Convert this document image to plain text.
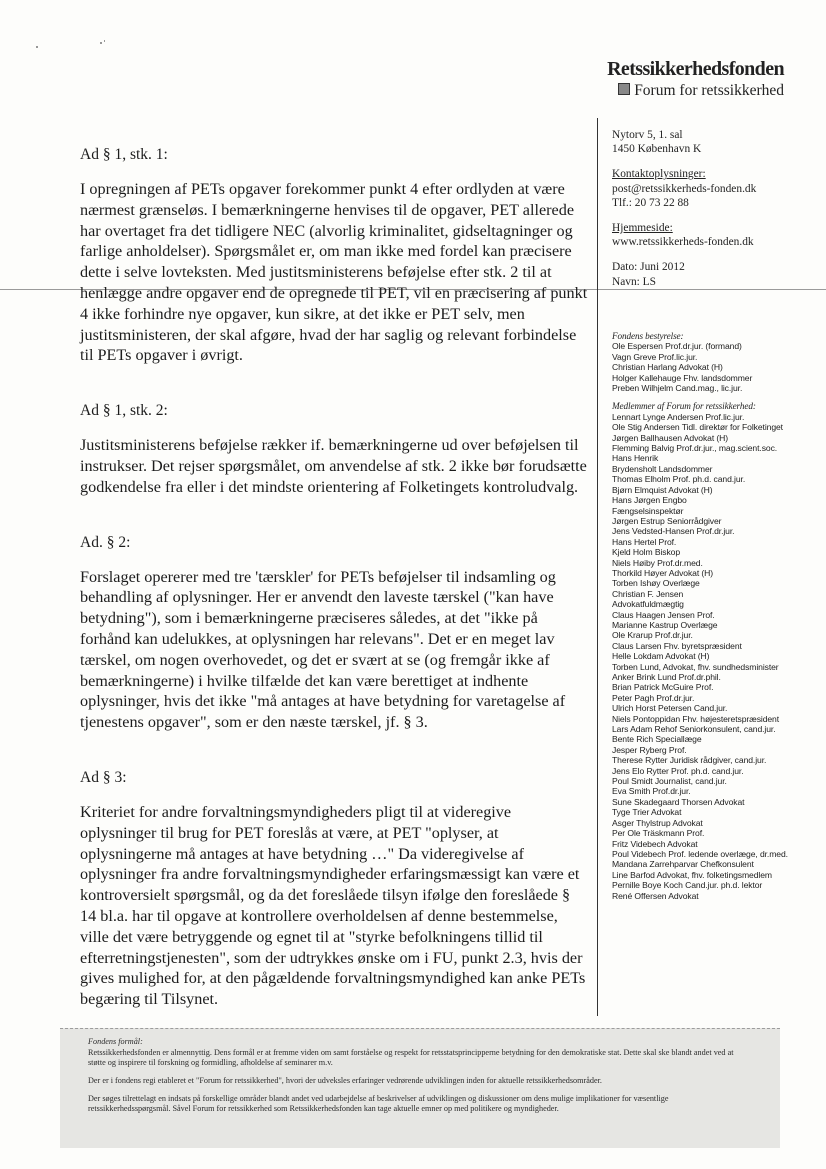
Retssikkerhedsfonden
Forum for retssikkerhed

Ad § 1, stk. 1:

I opregningen af PETs opgaver forekommer punkt 4 efter ordlyden at være nærmest grænseløs. I bemærkningerne henvises til de opgaver, PET allerede har overtaget fra det tidligere NEC (alvorlig kriminalitet, gidseltagninger og farlige anholdelser). Spørgsmålet er, om man ikke med fordel kan præcisere dette i selve lovteksten. Med justitsministerens beføjelse efter stk. 2 til at henlægge andre opgaver end de opregnede til PET, vil en præcisering af punkt 4 ikke forhindre nye opgaver, kun sikre, at det ikke er PET selv, men justitsministeren, der skal afgøre, hvad der har saglig og relevant forbindelse til PETs opgaver i øvrigt.

Ad § 1, stk. 2:

Justitsministerens beføjelse rækker if. bemærkningerne ud over beføjelsen til instrukser. Det rejser spørgsmålet, om anvendelse af stk. 2 ikke bør forudsætte godkendelse fra eller i det mindste orientering af Folketingets kontroludvalg.

Ad. § 2:

Forslaget opererer med tre 'tærskler' for PETs beføjelser til indsamling og behandling af oplysninger. Her er anvendt den laveste tærskel ("kan have betydning"), som i bemærkningerne præciseres således, at det "ikke på forhånd kan udelukkes, at oplysningen har relevans". Det er en meget lav tærskel, om nogen overhovedet, og det er svært at se (og fremgår ikke af bemærkningerne) i hvilke tilfælde det kan være berettiget at indhente oplysninger, hvis det ikke "må antages at have betydning for varetagelse af tjenestens opgaver", som er den næste tærskel, jf. § 3.

Ad § 3:

Kriteriet for andre forvaltningsmyndigheders pligt til at videregive oplysninger til brug for PET foreslås at være, at PET "oplyser, at oplysningerne må antages at have betydning …" Da videregivelse af oplysninger fra andre forvaltningsmyndigheder erfaringsmæssigt kan være et kontroversielt spørgsmål, og da det foreslåede tilsyn ifølge den foreslåede § 14 bl.a. har til opgave at kontrollere overholdelsen af denne bestemmelse, ville det være betryggende og egnet til at "styrke befolkningens tillid til efterretningstjenesten", som der udtrykkes ønske om i FU, punkt 2.3, hvis der gives mulighed for, at den pågældende forvaltningsmyndighed kan anke PETs begæring til Tilsynet.

Nytorv 5, 1. sal
1450 København K
Kontaktoplysninger:
post@retssikkerheds-fonden.dk
Tlf.: 20 73 22 88
Hjemmeside:
www.retssikkerheds-fonden.dk
Dato: Juni 2012
Navn: LS
Fondens bestyrelse:
Ole Espersen Prof.dr.jur. (formand)
Vagn Greve Prof.lic.jur.
Christian Harlang Advokat (H)
Holger Kallehauge Fhv. landsdommer
Preben Wilhjelm Cand.mag., lic.jur.
Medlemmer af Forum for retssikkerhed:
Lennart Lynge Andersen Prof.lic.jur.
Ole Stig Andersen Tidl. direktør for Folketinget
Jørgen Ballhausen Advokat (H)
Flemming Balvig Prof.dr.jur., mag.scient.soc.
Hans Henrik
Brydensholt Landsdommer
Thomas Elholm Prof. ph.d. cand.jur.
Bjørn Elmquist Advokat (H)
Hans Jørgen Engbo
Fængselsinspektør
Jørgen Estrup Seniorrådgiver
Jens Vedsted-Hansen Prof.dr.jur.
Hans Hertel Prof.
Kjeld Holm Biskop
Niels Høiby Prof.dr.med.
Thorkild Høyer Advokat (H)
Torben Ishøy Overlæge
Christian F. Jensen
Advokatfuldmægtig
Claus Haagen Jensen Prof.
Marianne Kastrup Overlæge
Ole Krarup Prof.dr.jur.
Claus Larsen Fhv. byretspræsident
Helle Lokdam Advokat (H)
Torben Lund, Advokat, fhv. sundhedsminister
Anker Brink Lund Prof.dr.phil.
Brian Patrick McGuire Prof.
Peter Pagh Prof.dr.jur.
Ulrich Horst Petersen Cand.jur.
Niels Pontoppidan Fhv. højesteretspræsident
Lars Adam Rehof Seniorkonsulent, cand.jur.
Bente Rich Speciallæge
Jesper Ryberg Prof.
Therese Rytter Juridisk rådgiver, cand.jur.
Jens Elo Rytter Prof. ph.d. cand.jur.
Poul Smidt Journalist, cand.jur.
Eva Smith Prof.dr.jur.
Sune Skadegaard Thorsen Advokat
Tyge Trier Advokat
Asger Thylstrup Advokat
Per Ole Träskmann Prof.
Fritz Videbech Advokat
Poul Videbech Prof. ledende overlæge, dr.med.
Mandana Zarrehparvar Chefkonsulent
Line Barfod Advokat, fhv. folketingsmedlem
Pernille Boye Koch Cand.jur. ph.d. lektor
René Offersen Advokat
Fondens formål:

Retssikkerhedsfonden er almennyttig. Dens formål er at fremme viden om samt forståelse og respekt for retsstatsprincipperne betydning for den demokratiske stat. Dette skal ske blandt andet ved at støtte og inspirere til forskning og formidling, afholdelse af seminarer m.v.

Der er i fondens regi etableret et "Forum for retssikkerhed", hvori der udveksles erfaringer vedrørende udviklingen inden for aktuelle retssikkerhedsområder.

Der søges tilrettelagt en indsats på forskellige områder blandt andet ved udarbejdelse af beskrivelser af udviklingen og diskussioner om dens mulige implikationer for væsentlige retssikkerhedsspørgsmål. Såvel Forum for retssikkerhed som Retssikkerhedsfonden kan tage aktuelle emner op med politikere og myndigheder.
